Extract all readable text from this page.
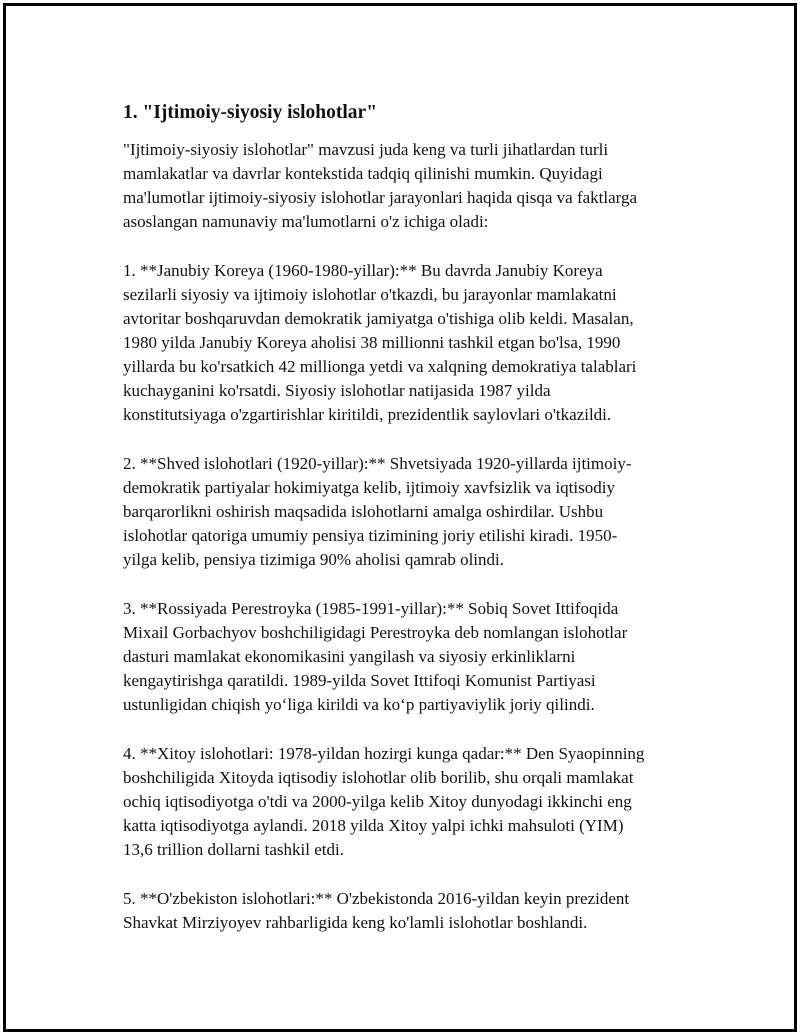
1. "Ijtimoiy-siyosiy islohotlar"

"Ijtimoiy-siyosiy islohotlar" mavzusi juda keng va turli jihatlardan turli
mamlakatlar va davrlar kontekstida tadqiq qilinishi mumkin. Quyidagi
ma'lumotlar ijtimoiy-siyosiy islohotlar jarayonlari haqida qisqa va faktlarga
asoslangan namunaviy ma'lumotlarni o'z ichiga oladi:

1. **Janubiy Koreya (1960-1980-yillar):** Bu davrda Janubiy Koreya
sezilarli siyosiy va ijtimoiy islohotlar o'tkazdi, bu jarayonlar mamlakatni
avtoritar boshqaruvdan demokratik jamiyatga o'tishiga olib keldi. Masalan,
1980 yilda Janubiy Koreya aholisi 38 millionni tashkil etgan bo'lsa, 1990
yillarda bu ko'rsatkich 42 millionga yetdi va xalqning demokratiya talablari
kuchayganini ko'rsatdi. Siyosiy islohotlar natijasida 1987 yilda
konstitutsiyaga o'zgartirishlar kiritildi, prezidentlik saylovlari o'tkazildi.

2. **Shved islohotlari (1920-yillar):** Shvetsiyada 1920-yillarda ijtimoiy-
demokratik partiyalar hokimiyatga kelib, ijtimoiy xavfsizlik va iqtisodiy
barqarorlikni oshirish maqsadida islohotlarni amalga oshirdilar. Ushbu
islohotlar qatoriga umumiy pensiya tizimining joriy etilishi kiradi. 1950-
yilga kelib, pensiya tizimiga 90% aholisi qamrab olindi.

3. **Rossiyada Perestroyka (1985-1991-yillar):** Sobiq Sovet Ittifoqida
Mixail Gorbachyov boshchiligidagi Perestroyka deb nomlangan islohotlar
dasturi mamlakat ekonomikasini yangilash va siyosiy erkinliklarni
kengaytirishga qaratildi. 1989-yilda Sovet Ittifoqi Komunist Partiyasi
ustunligidan chiqish yo‘liga kirildi va ko‘p partiyaviylik joriy qilindi.

4. **Xitoy islohotlari: 1978-yildan hozirgi kunga qadar:** Den Syaopinning
boshchiligida Xitoyda iqtisodiy islohotlar olib borilib, shu orqali mamlakat
ochiq iqtisodiyotga o'tdi va 2000-yilga kelib Xitoy dunyodagi ikkinchi eng
katta iqtisodiyotga aylandi. 2018 yilda Xitoy yalpi ichki mahsuloti (YIM)
13,6 trillion dollarni tashkil etdi.

5. **O'zbekiston islohotlari:** O'zbekistonda 2016-yildan keyin prezident
Shavkat Mirziyoyev rahbarligida keng ko'lamli islohotlar boshlandi.
